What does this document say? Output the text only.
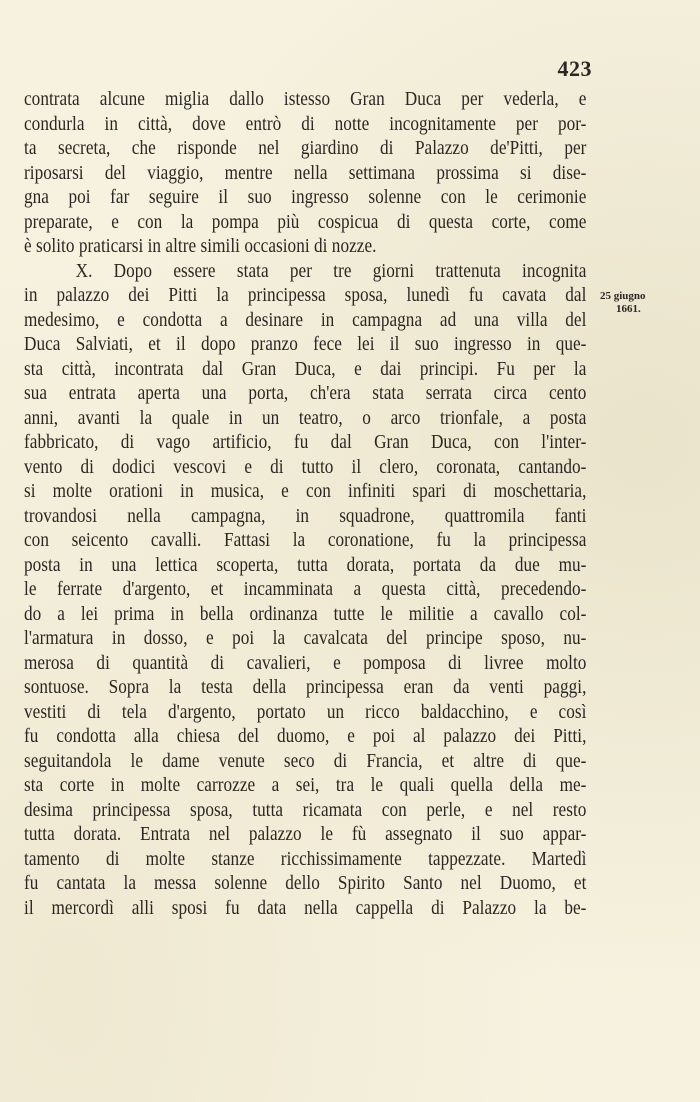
423
contrata alcune miglia dallo istesso Gran Duca per vederla, e
condurla in città, dove entrò di notte incognitamente per por-
ta secreta, che risponde nel giardino di Palazzo de'Pitti, per
riposarsi del viaggio, mentre nella settimana prossima si dise-
gna poi far seguire il suo ingresso solenne con le cerimonie
preparate, e con la pompa più cospicua di questa corte, come
è solito praticarsi in altre simili occasioni di nozze.
X. Dopo essere stata per tre giorni trattenuta incognita
in palazzo dei Pitti la principessa sposa, lunedì fu cavata dal
medesimo, e condotta a desinare in campagna ad una villa del
Duca Salviati, et il dopo pranzo fece lei il suo ingresso in que-
sta città, incontrata dal Gran Duca, e dai principi. Fu per la
sua entrata aperta una porta, ch'era stata serrata circa cento
anni, avanti la quale in un teatro, o arco trionfale, a posta
fabbricato, di vago artificio, fu dal Gran Duca, con l'inter-
vento di dodici vescovi e di tutto il clero, coronata, cantando-
si molte orationi in musica, e con infiniti spari di moschettaria,
trovandosi nella campagna, in squadrone, quattromila fanti
con seicento cavalli. Fattasi la coronatione, fu la principessa
posta in una lettica scoperta, tutta dorata, portata da due mu-
le ferrate d'argento, et incamminata a questa città, precedendo-
do a lei prima in bella ordinanza tutte le militie a cavallo col-
l'armatura in dosso, e poi la cavalcata del principe sposo, nu-
merosa di quantità di cavalieri, e pomposa di livree molto
sontuose. Sopra la testa della principessa eran da venti paggi,
vestiti di tela d'argento, portato un ricco baldacchino, e così
fu condotta alla chiesa del duomo, e poi al palazzo dei Pitti,
seguitandola le dame venute seco di Francia, et altre di que-
sta corte in molte carrozze a sei, tra le quali quella della me-
desima principessa sposa, tutta ricamata con perle, e nel resto
tutta dorata. Entrata nel palazzo le fù assegnato il suo appar-
tamento di molte stanze ricchissimamente tappezzate. Martedì
fu cantata la messa solenne dello Spirito Santo nel Duomo, et
il mercordì alli sposi fu data nella cappella di Palazzo la be-
25 giugno
1661.
